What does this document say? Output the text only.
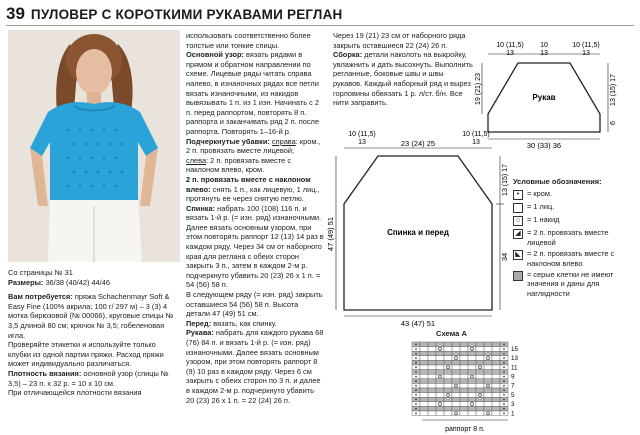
39 ПУЛОВЕР С КОРОТКИМИ РУКАВАМИ РЕГЛАН

Со страницы № 31

Размеры: 36/38 (40/42) 44/46

Вам потребуется: пряжа Schachenmayr Soft & Easy Fine (100% акрила; 100 г/ 297 м) – 3 (3) 4 мотка бирюзовой (№ 00066), круговые спицы № 3,5 длиной 80 см; крючок № 3,5; гобеленовая игла.

Проверяйте этикетки и используйте только клубки из одной партии пряжи. Расход пряжи может индивидуально различаться.

Плотность вязания: основной узор (спицы № 3,5) – 23 п. х 32 р. = 10 х 10 см.

При отличающейся плотности вязания

использовать соответственно более толстые или тонкие спицы.

Основной узор: вязать рядами в прямом и обратном направлении по схеме. Лицевые ряды читать справа налево, в изнаночных рядах все петли вязать изнаночными, из накидов вывязывать 1 п. из 1 изн. Начинать с 2 п. перед раппортом, повторять 8 п. раппорта и заканчивать ряд 2 п. после раппорта. Повторять 1–16-й р.

Подчеркнутые убавки: справа: кром., 2 п. провязать вместе лицевой;

слева: 2 п. провязать вместе с наклоном влево, кром.

2 п. провязать вместе с наклоном влево: снять 1 п., как лицевую, 1 лиц., протянуть ее через снятую петлю.

Спинка: набрать 100 (108) 116 п. и вязать 1-й р. (= изн. ряд) изнаночными. Далее вязать основным узором, при этом повторять раппорт 12 (13) 14 раз в каждом ряду. Через 34 см от наборного края для реглана с обеих сторон закрыть 3 п., затем в каждом 2-м р. подчеркнуто убавить 20 (23) 26 х 1 п. = 54 (56) 58 п.

В следующем ряду (= изн. ряд) закрыть оставшиеся 54 (56) 58 п. Высота детали 47 (49) 51 см.

Перед: вязать, как спинку.

Рукава: набрать для каждого рукава 68 (76) 84 п. и вязать 1-й р. (= изн. ряд) изнаночными. Далее вязать основным узором, при этом повторять раппорт 8 (9) 10 раз в каждом ряду. Через 6 см закрыть с обеих сторон по 3 п. и далее в каждом 2-м р. подчеркнуто убавить 20 (23) 26 х 1 п. = 22 (24) 26 п.

Через 19 (21) 23 см от наборного ряда закрыть оставшиеся 22 (24) 26 п.

Сборка: детали наколоть на выкройку, увлажнить и дать высохнуть. Выполнить регланные, боковые швы и швы рукавов. Каждый наборный ряд и вырез горловины обвязать 1 р. л/ст. б/н. Все нити заправить.

Рукав
10 (11,5)
13
10
13
10 (11,5)
13
19 (21) 23	13 (15) 17
6
30 (33) 36
Спинка и перед
10 (11,5)
13	23 (24) 25
10 (11,5)
13
47 (49) 51
13 (15) 17
34
43 (47) 51
Условные обозначения:
•	= кром.
= 1 лиц.
○ = 1 накид
◢ = 2 п. провязать вместе лицевой
◣ = 2 п. провязать вместе с наклоном влево
= серые клетки не имеют значения и даны для наглядности
Схема А
15
13
11
9
7
5
3
1
раппорт 8 п.
